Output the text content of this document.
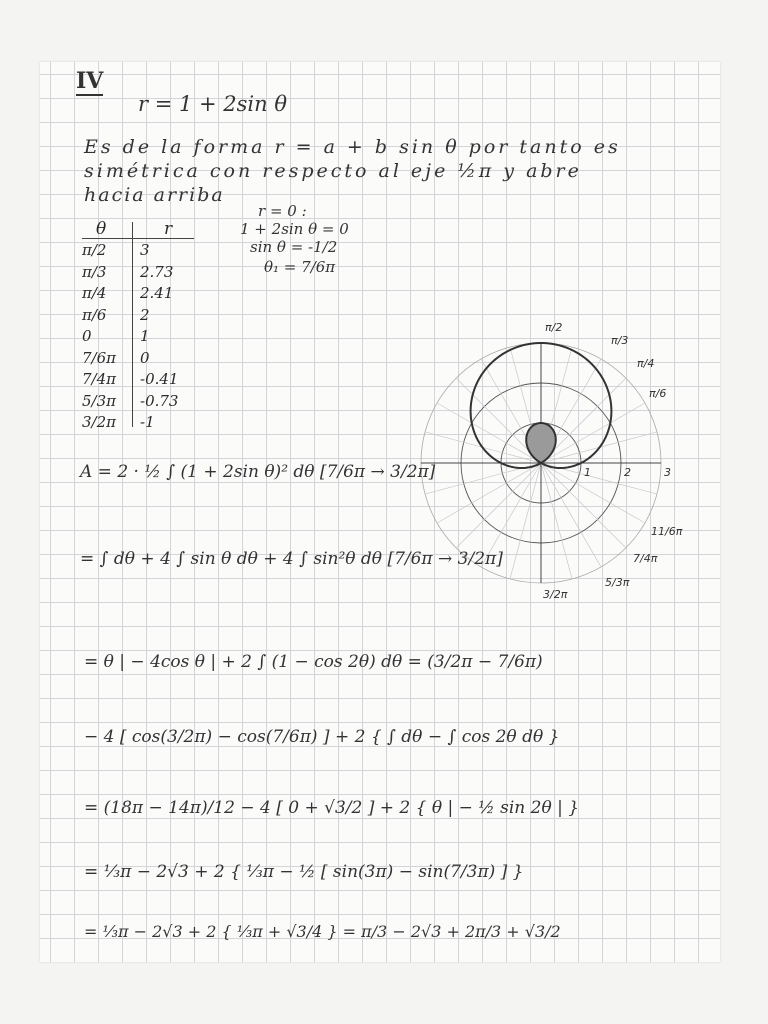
IV
r = 1 + 2sin θ
Es de la forma r = a + b sin θ por tanto es
simétrica con respecto al eje ½π y abre
hacia arriba
θ	r
π/2	3
π/3	2.73
π/4	2.41
π/6	2
0	1
7/6π	0
7/4π	-0.41
5/3π	-0.73
3/2π	-1
r = 0 :
1 + 2sin θ = 0
sin θ = -1/2
θ₁ = 7/6π
π/2
π/3
π/4
π/6
11/6π
7/4π
5/3π
3/2π
1	2	3
A = 2 · ½ ∫ (1 + 2sin θ)² dθ [7/6π → 3/2π]
= ∫ dθ + 4 ∫ sin θ dθ + 4 ∫ sin²θ dθ [7/6π → 3/2π]
= θ | − 4cos θ | + 2 ∫ (1 − cos 2θ) dθ = (3/2π − 7/6π)
− 4 [ cos(3/2π) − cos(7/6π) ] + 2 { ∫ dθ − ∫ cos 2θ dθ }
= (18π − 14π)/12 − 4 [ 0 + √3/2 ] + 2 { θ | − ½ sin 2θ | }
= ⅓π − 2√3 + 2 { ⅓π − ½ [ sin(3π) − sin(7/3π) ] }
= ⅓π − 2√3 + 2 { ⅓π + √3/4 } = π/3 − 2√3 + 2π/3 + √3/2
